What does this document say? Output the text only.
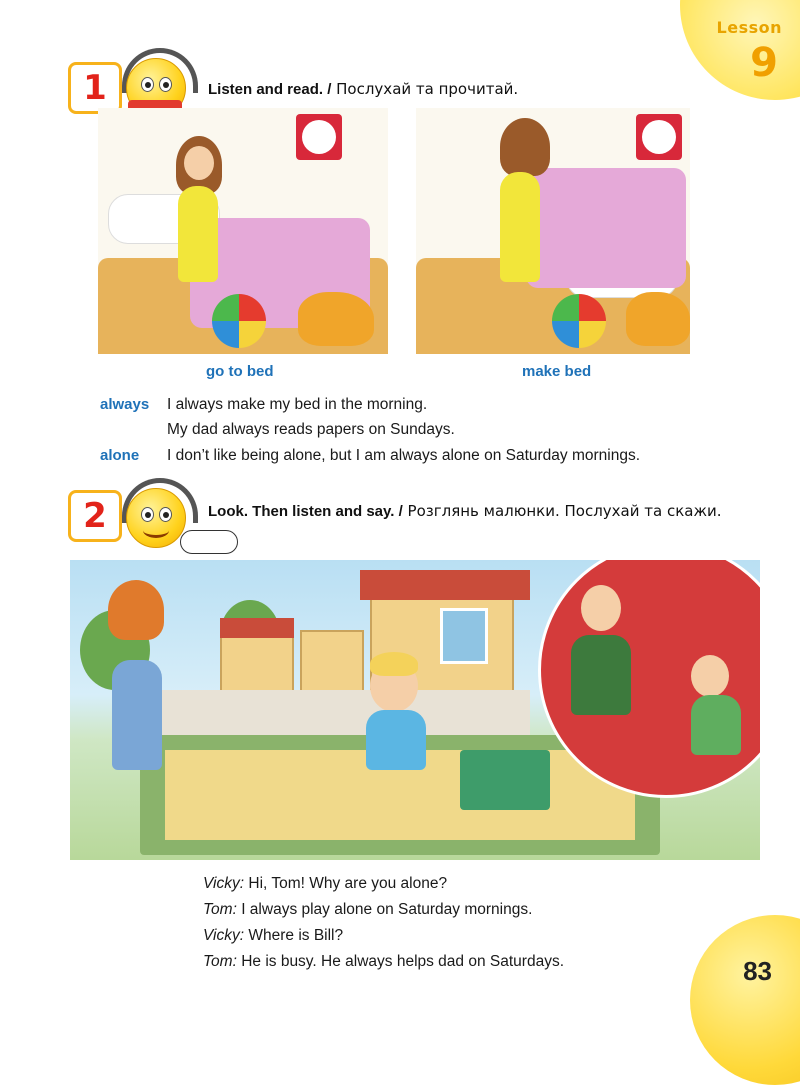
Lesson
9
1	Listen and read. / Послухай та прочитай.
go to bed	make bed
always I always make my bed in the morning.
My dad always reads papers on Sundays.
alone I don’t like being alone, but I am always alone on Saturday mornings.
2	Look. Then listen and say. / Розглянь малюнки. Послухай та скажи.
Vicky: Hi, Tom! Why are you alone?
Tom: I always play alone on Saturday mornings.
Vicky: Where is Bill?
Tom: He is busy. He always helps dad on Saturdays.	83
